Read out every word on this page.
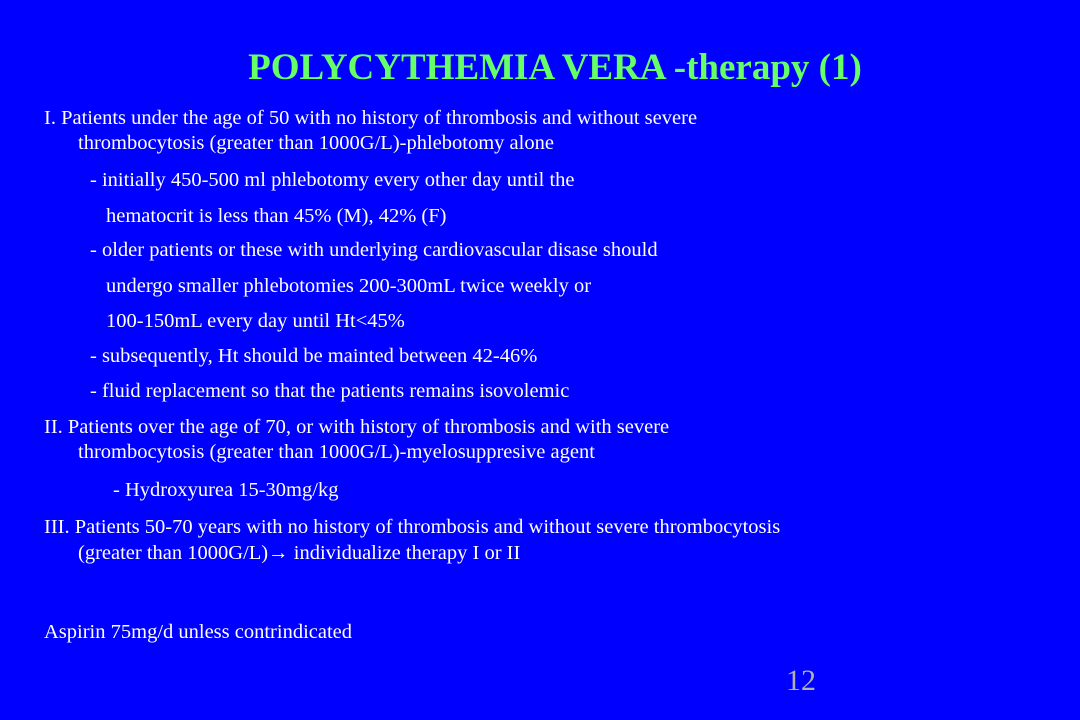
POLYCYTHEMIA VERA -therapy (1)

I. Patients under the age of 50 with no history of thrombosis and without severe

thrombocytosis (greater than 1000G/L)-phlebotomy alone

- initially 450-500 ml phlebotomy every other day until the

hematocrit is less than 45% (M), 42% (F)

- older patients or these with underlying cardiovascular disase should

undergo smaller phlebotomies 200-300mL twice weekly or

100-150mL every day until Ht<45%

- subsequently, Ht should be mainted between 42-46%

- fluid replacement so that the patients remains isovolemic

II. Patients over the age of 70, or with history of thrombosis and with severe

thrombocytosis (greater than 1000G/L)-myelosuppresive agent

- Hydroxyurea 15-30mg/kg

III. Patients 50-70 years with no history of thrombosis and without severe thrombocytosis

(greater than 1000G/L)→ individualize therapy I or II

Aspirin 75mg/d unless contrindicated

12
